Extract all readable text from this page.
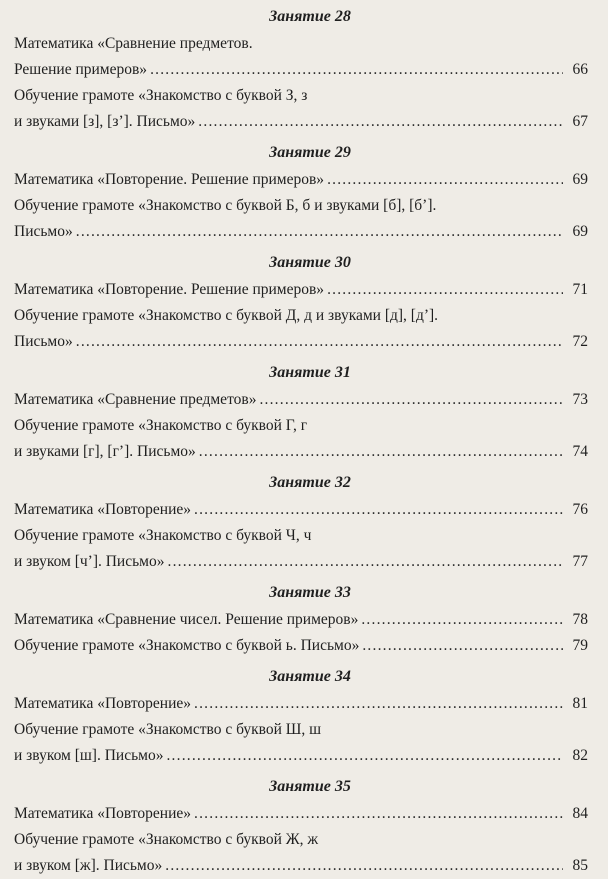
Занятие 28
Математика «Сравнение предметов.
Решение примеров» .....	66
Обучение грамоте «Знакомство с буквой З, з
и звуками [з], [з’]. Письмо» .....	67
Занятие 29
Математика «Повторение. Решение примеров» .....	69
Обучение грамоте «Знакомство с буквой Б, б и звуками [б], [б’].
Письмо» .....	69
Занятие 30
Математика «Повторение. Решение примеров» .....	71
Обучение грамоте «Знакомство с буквой Д, д и звуками [д], [д’].
Письмо» .....	72
Занятие 31
Математика «Сравнение предметов» .....	73
Обучение грамоте «Знакомство с буквой Г, г
и звуками [г], [г’]. Письмо» .....	74
Занятие 32
Математика «Повторение» .....	76
Обучение грамоте «Знакомство с буквой Ч, ч
и звуком [ч’]. Письмо» .....	77
Занятие 33
Математика «Сравнение чисел. Решение примеров» .....	78
Обучение грамоте «Знакомство с буквой ь. Письмо» .....	79
Занятие 34
Математика «Повторение» .....	81
Обучение грамоте «Знакомство с буквой Ш, ш
и звуком [ш]. Письмо» .....	82
Занятие 35
Математика «Повторение» .....	84
Обучение грамоте «Знакомство с буквой Ж, ж
и звуком [ж]. Письмо» .....	85
